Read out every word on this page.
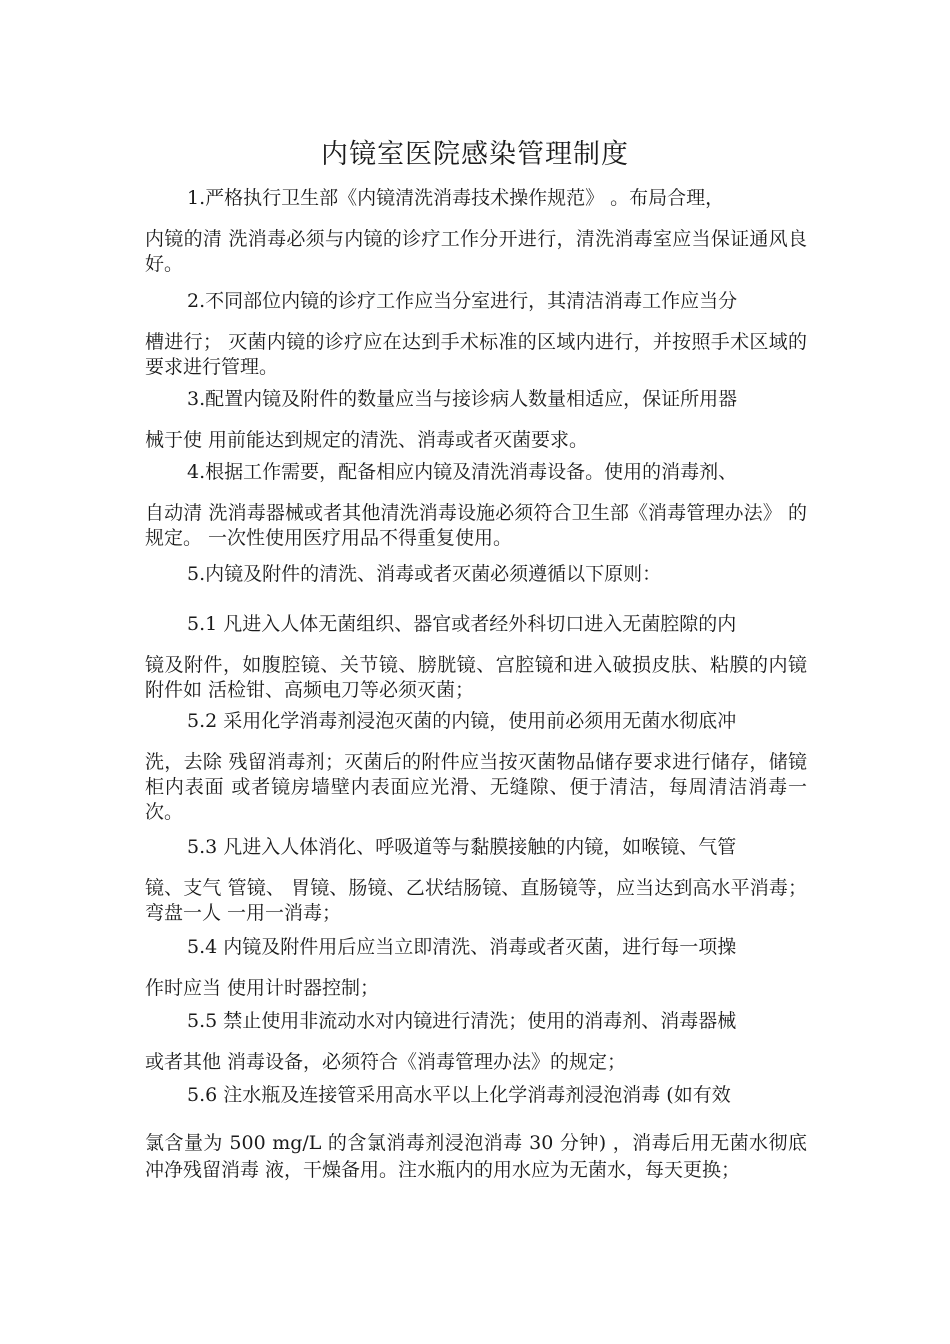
内镜室医院感染管理制度
1.严格执行卫生部《内镜清洗消毒技术操作规范》 。布局合理，
内镜的清 洗消毒必须与内镜的诊疗工作分开进行，清洗消毒室应当保证通风良好。
2.不同部位内镜的诊疗工作应当分室进行，其清洁消毒工作应当分
槽进行； 灭菌内镜的诊疗应在达到手术标准的区域内进行，并按照手术区域的要求进行管理。
3.配置内镜及附件的数量应当与接诊病人数量相适应，保证所用器
械于使 用前能达到规定的清洗、消毒或者灭菌要求。
4.根据工作需要，配备相应内镜及清洗消毒设备。使用的消毒剂、
自动清 洗消毒器械或者其他清洗消毒设施必须符合卫生部《消毒管理办法》 的规定。 一次性使用医疗用品不得重复使用。
5.内镜及附件的清洗、消毒或者灭菌必须遵循以下原则：
5.1 凡进入人体无菌组织、器官或者经外科切口进入无菌腔隙的内
镜及附件，如腹腔镜、关节镜、膀胱镜、宫腔镜和进入破损皮肤、粘膜的内镜附件如 活检钳、高频电刀等必须灭菌；
5.2 采用化学消毒剂浸泡灭菌的内镜，使用前必须用无菌水彻底冲
洗，去除 残留消毒剂；灭菌后的附件应当按灭菌物品储存要求进行储存，储镜柜内表面 或者镜房墙壁内表面应光滑、无缝隙、便于清洁，每周清洁消毒一次。
5.3 凡进入人体消化、呼吸道等与黏膜接触的内镜，如喉镜、气管
镜、支气 管镜、 胃镜、肠镜、乙状结肠镜、直肠镜等，应当达到高水平消毒；弯盘一人 一用一消毒；
5.4 内镜及附件用后应当立即清洗、消毒或者灭菌，进行每一项操
作时应当 使用计时器控制；
5.5 禁止使用非流动水对内镜进行清洗；使用的消毒剂、消毒器械
或者其他 消毒设备，必须符合《消毒管理办法》的规定；
5.6 注水瓶及连接管采用高水平以上化学消毒剂浸泡消毒 (如有效
氯含量为 500 mg/L 的含氯消毒剂浸泡消毒 30 分钟) ，消毒后用无菌水彻底冲净残留消毒 液，干燥备用。注水瓶内的用水应为无菌水，每天更换；
